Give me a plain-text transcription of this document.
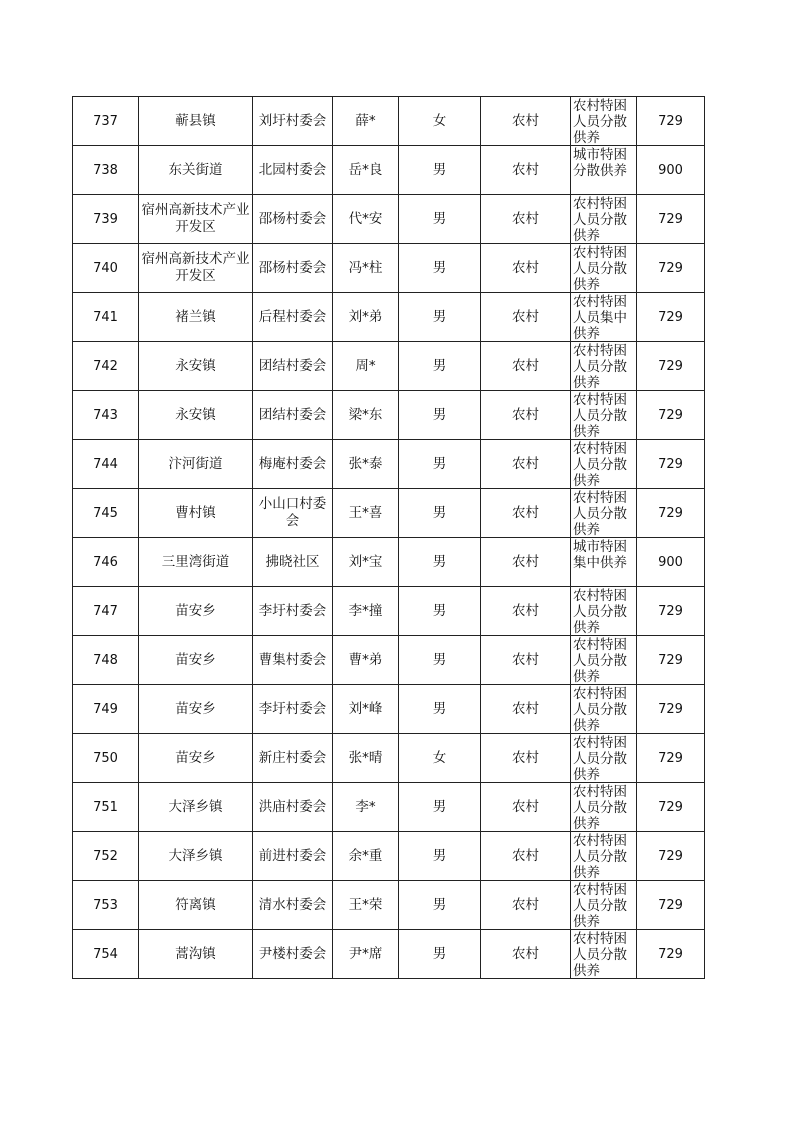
737	蕲县镇	刘圩村委会	薛*	女	农村	农村特困人员分散供养	729
738	东关街道	北园村委会	岳*良	男	农村	城市特困分散供养	900
739	宿州高新技术产业开发区	邵杨村委会	代*安	男	农村	农村特困人员分散供养	729
740	宿州高新技术产业开发区	邵杨村委会	冯*柱	男	农村	农村特困人员分散供养	729
741	褚兰镇	后程村委会	刘*弟	男	农村	农村特困人员集中供养	729
742	永安镇	团结村委会	周*	男	农村	农村特困人员分散供养	729
743	永安镇	团结村委会	梁*东	男	农村	农村特困人员分散供养	729
744	汴河街道	梅庵村委会	张*泰	男	农村	农村特困人员分散供养	729
745	曹村镇	小山口村委会	王*喜	男	农村	农村特困人员分散供养	729
746	三里湾街道	拂晓社区	刘*宝	男	农村	城市特困集中供养	900
747	苗安乡	李圩村委会	李*撞	男	农村	农村特困人员分散供养	729
748	苗安乡	曹集村委会	曹*弟	男	农村	农村特困人员分散供养	729
749	苗安乡	李圩村委会	刘*峰	男	农村	农村特困人员分散供养	729
750	苗安乡	新庄村委会	张*晴	女	农村	农村特困人员分散供养	729
751	大泽乡镇	洪庙村委会	李*	男	农村	农村特困人员分散供养	729
752	大泽乡镇	前进村委会	余*重	男	农村	农村特困人员分散供养	729
753	符离镇	清水村委会	王*荣	男	农村	农村特困人员分散供养	729
754	蒿沟镇	尹楼村委会	尹*席	男	农村	农村特困人员分散供养	729
